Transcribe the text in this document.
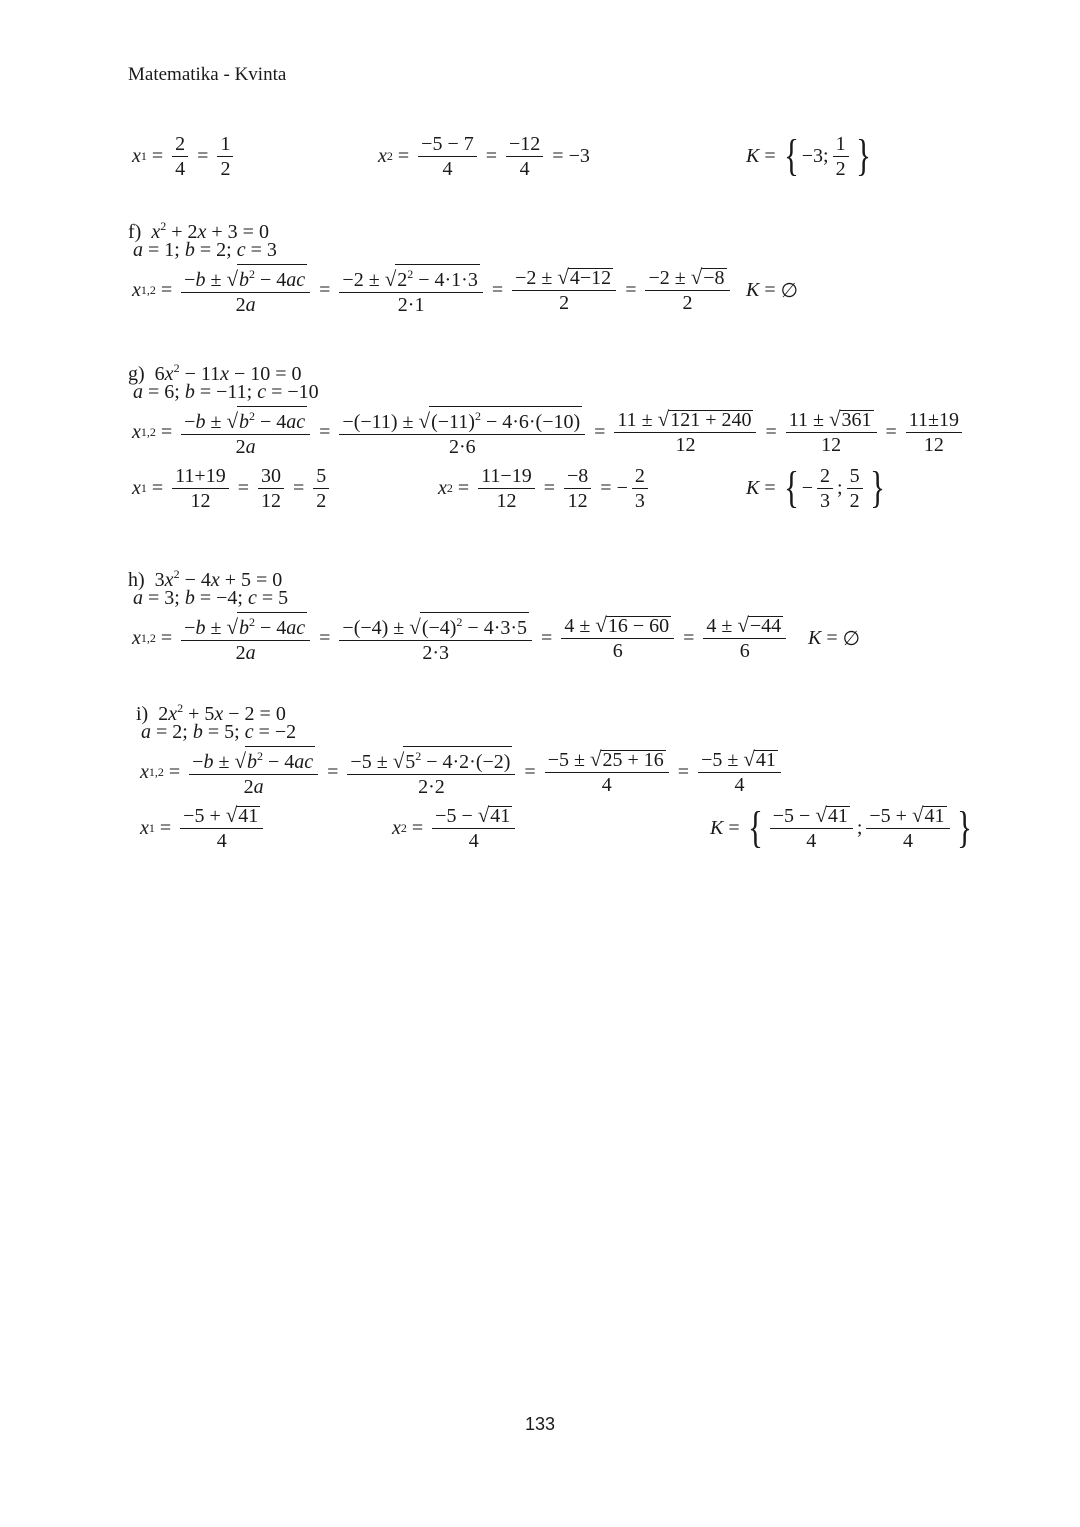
Matematika - Kvinta
x $1 = \frac{2}{4} = \frac{1}{2}$	x $2 = \frac{-5 - 7}{4} = \frac{-12}{4} = -3$	K = { −3; $\frac{1}{2}$ }
f)  $x^2 + 2x + 3 = 0$
a = 1; b = 2; c = 3
x $1,2 = \frac{-b \pm √b^2 - 4ac}{2a} = \frac{-2 \pm √2^2 - 4\cdot 1\cdot 3}{2\cdot 1} = \frac{-2 \pm √4-12}{2} = \frac{-2 \pm √-8}{2}$ K = ∅
g)  $6x^2 - 11x - 10 = 0$
a = 6; b = −11; c = −10
x $1,2 = \frac{-b \pm √b^2 - 4ac}{2a} = \frac{-(-11) \pm √(-11)^2 - 4\cdot 6\cdot(-10)}{2\cdot 6} = \frac{11 \pm √121 + 240}{12} = \frac{11 \pm √361}{12} = \frac{11\pm 19}{12}$
x $1 = \frac{11+19}{12} = \frac{30}{12} = \frac{5}{2}$	x $2 = \frac{11-19}{12} = \frac{-8}{12}$ = − $\frac{2}{3}$	K = { − $\frac{2}{3}$ ; $\frac{5}{2}$ }
h)  $3x^2 - 4x + 5 = 0$
a = 3; b = −4; c = 5
x $1,2 = \frac{-b \pm √b^2 - 4ac}{2a} = \frac{-(-4) \pm √(-4)^2 - 4\cdot 3\cdot 5}{2\cdot 3} = \frac{4 \pm √16 - 60}{6} = \frac{4 \pm √-44}{6}$ K = ∅
i)  $2x^2 + 5x - 2 = 0$
a = 2; b = 5; c = −2
x $1,2 = \frac{-b \pm √b^2 - 4ac}{2a} = \frac{-5 \pm √5^2 - 4\cdot 2\cdot(-2)}{2\cdot 2} = \frac{-5 \pm √25 + 16}{4} = \frac{-5 \pm √41}{4}$
x $1 = \frac{-5 + √41}{4}$	x $2 = \frac{-5 - √41}{4}$	K = { $\frac{-5 - √41}{4}$ ; $\frac{-5 + √41}{4}$ }
133
